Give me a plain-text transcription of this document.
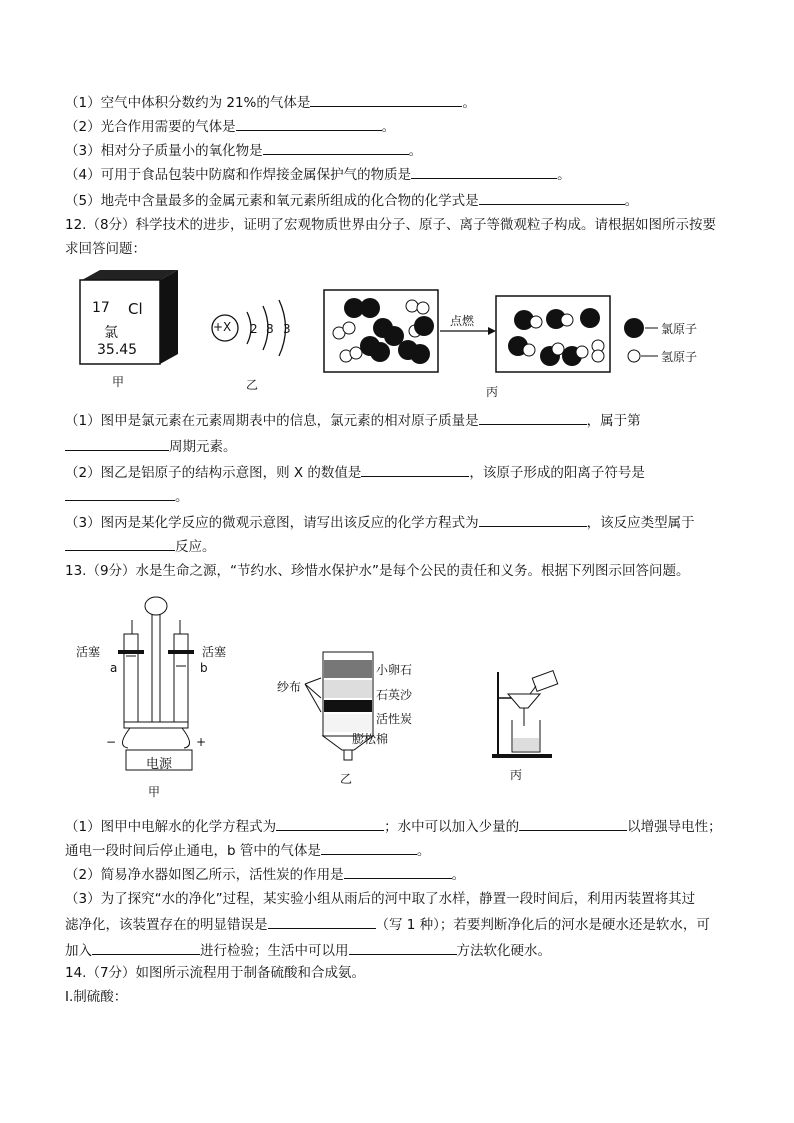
（1）空气中体积分数约为 21%的气体是	。
（2）光合作用需要的气体是	。
（3）相对分子质量小的氧化物是	。
（4）可用于食品包装中防腐和作焊接金属保护气的物质是	。
（5）地壳中含量最多的金属元素和氧元素所组成的化合物的化学式是	。
12.（8分）科学技术的进步，证明了宏观物质世界由分子、原子、离子等微观粒子构成。请根据如图所示按要
求回答问题：
17 Cl
氯
35.45
甲
+X 2 8 3
乙
点燃
氯原子
氢原子
丙
（1）图甲是氯元素在元素周期表中的信息，氯元素的相对原子质量是	，属于第
周期元素。
（2）图乙是铝原子的结构示意图，则 X 的数值是	，该原子形成的阳离子符号是
。
（3）图丙是某化学反应的微观示意图，请写出该反应的化学方程式为	，该反应类型属于
反应。
13.（9分）水是生命之源，“节约水、珍惜水保护水”是每个公民的责任和义务。根据下列图示回答问题。
活塞	活塞
a	b
−	+
电源
甲
纱布
小卵石
石英沙
活性炭
膨松棉
乙	丙
（1）图甲中电解水的化学方程式为	；水中可以加入少量的	以增强导电性；
通电一段时间后停止通电，b 管中的气体是	。
（2）简易净水器如图乙所示，活性炭的作用是	。
（3）为了探究“水的净化”过程，某实验小组从雨后的河中取了水样，静置一段时间后，利用丙装置将其过
滤净化，该装置存在的明显错误是	（写 1 种）；若要判断净化后的河水是硬水还是软水，可
加入	进行检验；生活中可以用	方法软化硬水。
14.（7分）如图所示流程用于制备硫酸和合成氨。
Ⅰ.制硫酸：
